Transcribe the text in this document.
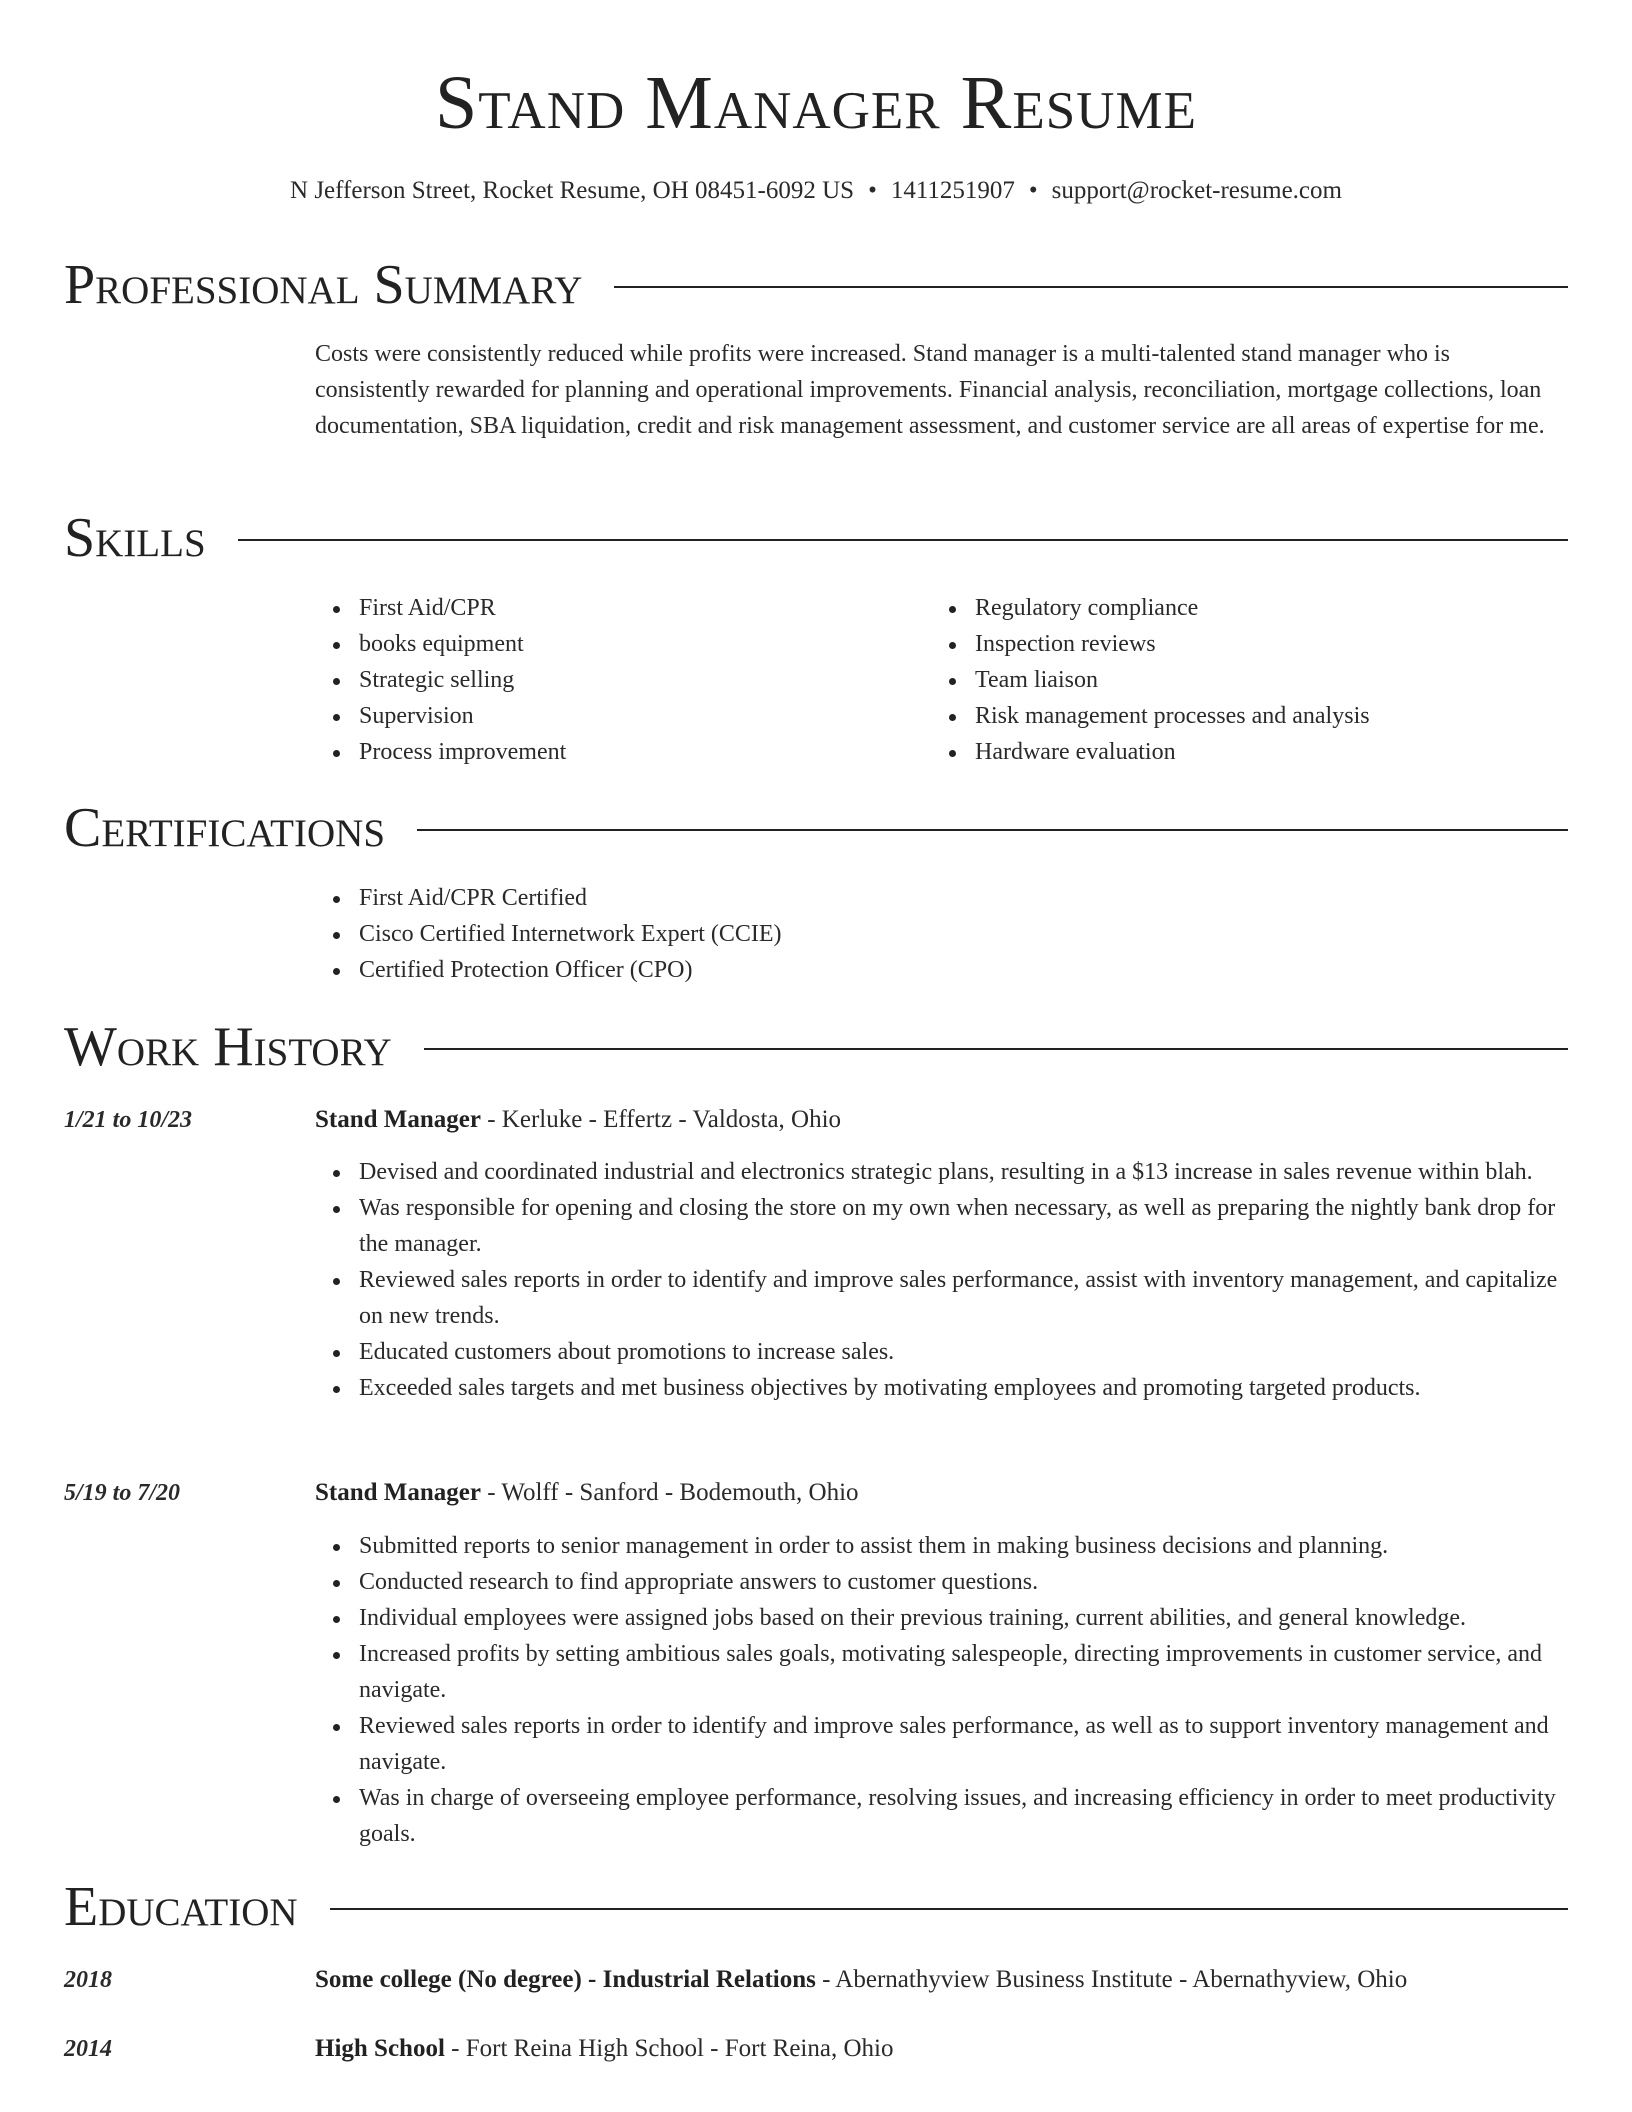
Stand Manager Resume
N Jefferson Street, Rocket Resume, OH 08451-6092 US • 1411251907 • support@rocket-resume.com
Professional Summary

Costs were consistently reduced while profits were increased. Stand manager is a multi-talented stand manager who is consistently rewarded for planning and operational improvements. Financial analysis, reconciliation, mortgage collections, loan documentation, SBA liquidation, credit and risk management assessment, and customer service are all areas of expertise for me.

Skills
First Aid/CPR
books equipment
Strategic selling
Supervision
Process improvement
Regulatory compliance
Inspection reviews
Team liaison
Risk management processes and analysis
Hardware evaluation
Certifications
First Aid/CPR Certified
Cisco Certified Internetwork Expert (CCIE)
Certified Protection Officer (CPO)
Work History
1/21 to 10/23	Stand Manager - Kerluke - Effertz - Valdosta, Ohio
Devised and coordinated industrial and electronics strategic plans, resulting in a $13 increase in sales revenue within blah.
Was responsible for opening and closing the store on my own when necessary, as well as preparing the nightly bank drop for the manager.
Reviewed sales reports in order to identify and improve sales performance, assist with inventory management, and capitalize on new trends.
Educated customers about promotions to increase sales.
Exceeded sales targets and met business objectives by motivating employees and promoting targeted products.
5/19 to 7/20	Stand Manager - Wolff - Sanford - Bodemouth, Ohio
Submitted reports to senior management in order to assist them in making business decisions and planning.
Conducted research to find appropriate answers to customer questions.
Individual employees were assigned jobs based on their previous training, current abilities, and general knowledge.
Increased profits by setting ambitious sales goals, motivating salespeople, directing improvements in customer service, and navigate.
Reviewed sales reports in order to identify and improve sales performance, as well as to support inventory management and navigate.
Was in charge of overseeing employee performance, resolving issues, and increasing efficiency in order to meet productivity goals.
Education
2018	Some college (No degree) - Industrial Relations - Abernathyview Business Institute - Abernathyview, Ohio
2014	High School - Fort Reina High School - Fort Reina, Ohio
